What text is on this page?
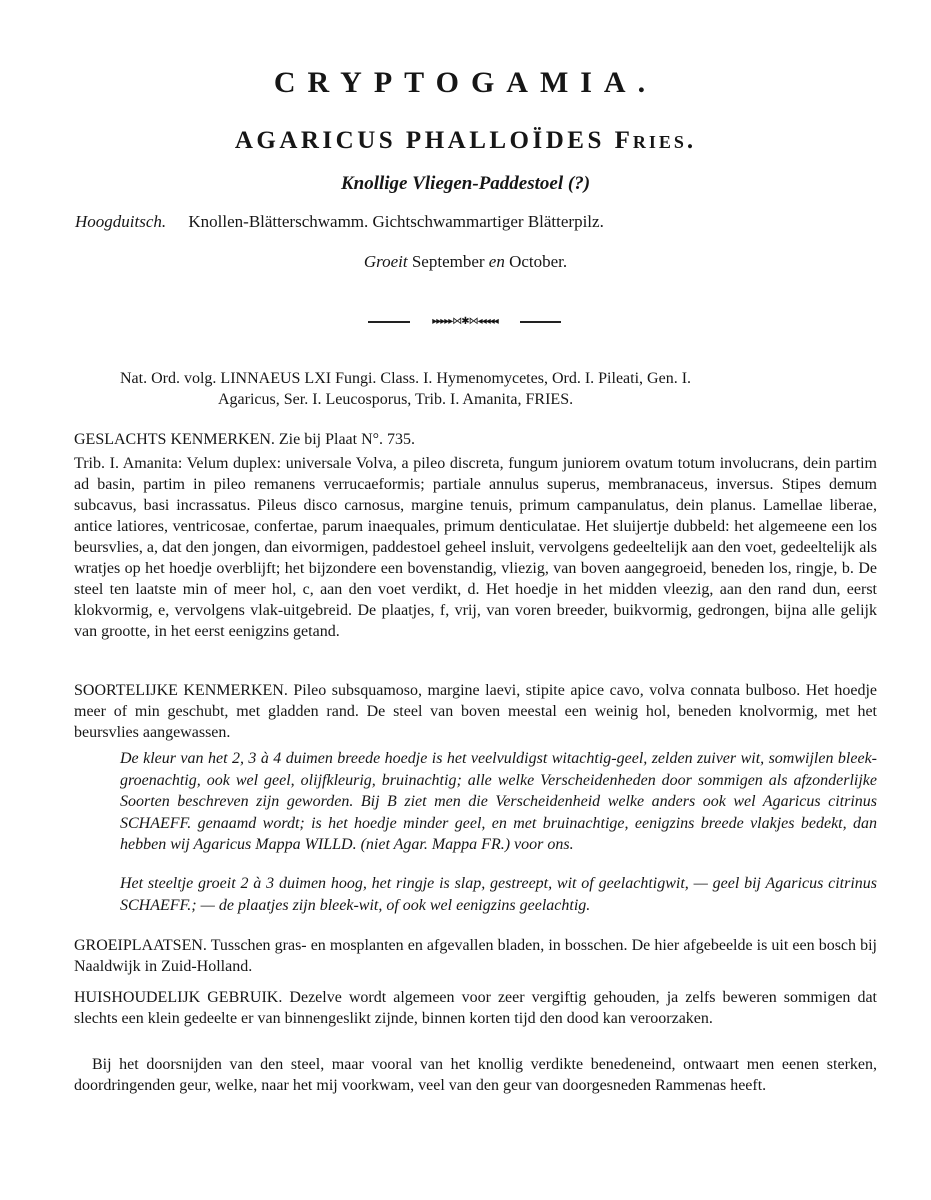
CRYPTOGAMIA.
AGARICUS PHALLOÏDES Fries.

Knollige Vliegen-Paddestoel (?)

Hoogduitsch. Knollen-Blätterschwamm. Gichtschwammartiger Blätterpilz.

Groeit September en October.

▸▸▸▸▸⋈✱⋈◂◂◂◂◂

Nat. Ord. volg. LINNAEUS LXI Fungi. Class. I. Hymenomycetes, Ord. I. Pileati, Gen. I.

Agaricus, Ser. I. Leucosporus, Trib. I. Amanita, FRIES.

GESLACHTS KENMERKEN. Zie bij Plaat N°. 735.

Trib. I. Amanita: Velum duplex: universale Volva, a pileo discreta, fungum juniorem ovatum totum involucrans, dein partim ad basin, partim in pileo remanens verrucaeformis; partiale annulus superus, membranaceus, inversus. Stipes demum subcavus, basi incrassatus. Pileus disco carnosus, margine tenuis, primum campanulatus, dein planus. Lamellae liberae, antice latiores, ventricosae, confertae, parum inaequales, primum denticulatae. Het sluijertje dubbeld: het algemeene een los beursvlies, a, dat den jongen, dan eivormigen, paddestoel geheel insluit, vervolgens gedeeltelijk aan den voet, gedeeltelijk als wratjes op het hoedje overblijft; het bijzondere een bovenstandig, vliezig, van boven aangegroeid, beneden los, ringje, b. De steel ten laatste min of meer hol, c, aan den voet verdikt, d. Het hoedje in het midden vleezig, aan den rand dun, eerst klokvormig, e, vervolgens vlak-uitgebreid. De plaatjes, f, vrij, van voren breeder, buikvormig, gedrongen, bijna alle gelijk van grootte, in het eerst eenigzins getand.

SOORTELIJKE KENMERKEN. Pileo subsquamoso, margine laevi, stipite apice cavo, volva connata bulboso. Het hoedje meer of min geschubt, met gladden rand. De steel van boven meestal een weinig hol, beneden knolvormig, met het beursvlies aangewassen.

De kleur van het 2, 3 à 4 duimen breede hoedje is het veelvuldigst witachtig-geel, zelden zuiver wit, somwijlen bleek-groenachtig, ook wel geel, olijfkleurig, bruinachtig; alle welke Verscheidenheden door sommigen als afzonderlijke Soorten beschreven zijn geworden. Bij B ziet men die Verscheidenheid welke anders ook wel Agaricus citrinus SCHAEFF. genaamd wordt; is het hoedje minder geel, en met bruinachtige, eenigzins breede vlakjes bedekt, dan hebben wij Agaricus Mappa WILLD. (niet Agar. Mappa FR.) voor ons.

Het steeltje groeit 2 à 3 duimen hoog, het ringje is slap, gestreept, wit of geelachtigwit, — geel bij Agaricus citrinus SCHAEFF.; — de plaatjes zijn bleek-wit, of ook wel eenigzins geelachtig.

GROEIPLAATSEN. Tusschen gras- en mosplanten en afgevallen bladen, in bosschen. De hier afgebeelde is uit een bosch bij Naaldwijk in Zuid-Holland.

HUISHOUDELIJK GEBRUIK. Dezelve wordt algemeen voor zeer vergiftig gehouden, ja zelfs beweren sommigen dat slechts een klein gedeelte er van binnengeslikt zijnde, binnen korten tijd den dood kan veroorzaken.

Bij het doorsnijden van den steel, maar vooral van het knollig verdikte benedeneind, ontwaart men eenen sterken, doordringenden geur, welke, naar het mij voorkwam, veel van den geur van doorgesneden Rammenas heeft.
